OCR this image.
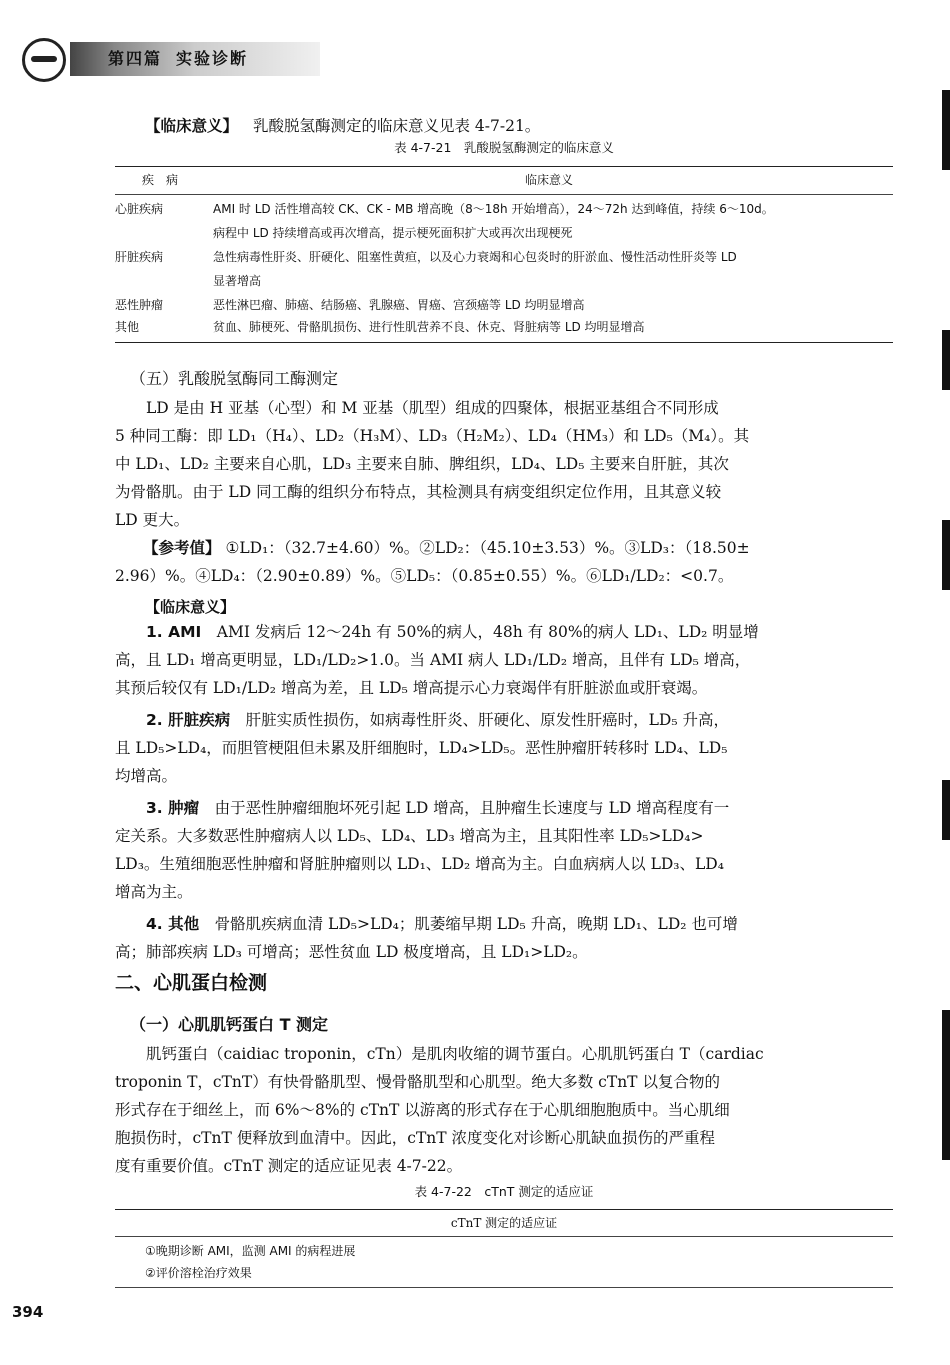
第四篇 实验诊断
【临床意义】 乳酸脱氢酶测定的临床意义见表 4-7-21。
表 4-7-21　乳酸脱氢酶测定的临床意义
疾　病	临床意义
心脏疾病	AMI 时 LD 活性增高较 CK、CK - MB 增高晚（8～18h 开始增高），24～72h 达到峰值，持续 6～10d。
病程中 LD 持续增高或再次增高，提示梗死面积扩大或再次出现梗死

肝脏疾病	急性病毒性肝炎、肝硬化、阻塞性黄疸，以及心力衰竭和心包炎时的肝淤血、慢性活动性肝炎等 LD
显著增高

恶性肿瘤	恶性淋巴瘤、肺癌、结肠癌、乳腺癌、胃癌、宫颈癌等 LD 均明显增高

其他	贫血、肺梗死、骨骼肌损伤、进行性肌营养不良、休克、肾脏病等 LD 均明显增高
（五）乳酸脱氢酶同工酶测定
LD 是由 H 亚基（心型）和 M 亚基（肌型）组成的四聚体，根据亚基组合不同形成
5 种同工酶：即 LD₁（H₄）、LD₂（H₃M）、LD₃（H₂M₂）、LD₄（HM₃）和 LD₅（M₄）。其
中 LD₁、LD₂ 主要来自心肌，LD₃ 主要来自肺、脾组织，LD₄、LD₅ 主要来自肝脏，其次
为骨骼肌。由于 LD 同工酶的组织分布特点，其检测具有病变组织定位作用，且其意义较
LD 更大。
【参考值】 ①LD₁：（32.7±4.60）%。②LD₂：（45.10±3.53）%。③LD₃：（18.50±
2.96）%。④LD₄：（2.90±0.89）%。⑤LD₅：（0.85±0.55）%。⑥LD₁/LD₂：<0.7。
【临床意义】
1. AMI　 AMI 发病后 12～24h 有 50%的病人，48h 有 80%的病人 LD₁、LD₂ 明显增
高，且 LD₁ 增高更明显，LD₁/LD₂>1.0。当 AMI 病人 LD₁/LD₂ 增高，且伴有 LD₅ 增高，
其预后较仅有 LD₁/LD₂ 增高为差，且 LD₅ 增高提示心力衰竭伴有肝脏淤血或肝衰竭。
2. 肝脏疾病　 肝脏实质性损伤，如病毒性肝炎、肝硬化、原发性肝癌时，LD₅ 升高，
且 LD₅>LD₄，而胆管梗阻但未累及肝细胞时，LD₄>LD₅。恶性肿瘤肝转移时 LD₄、LD₅
均增高。
3. 肿瘤　 由于恶性肿瘤细胞坏死引起 LD 增高，且肿瘤生长速度与 LD 增高程度有一
定关系。大多数恶性肿瘤病人以 LD₅、LD₄、LD₃ 增高为主，且其阳性率 LD₅>LD₄>
LD₃。生殖细胞恶性肿瘤和肾脏肿瘤则以 LD₁、LD₂ 增高为主。白血病病人以 LD₃、LD₄
增高为主。
4. 其他　 骨骼肌疾病血清 LD₅>LD₄；肌萎缩早期 LD₅ 升高，晚期 LD₁、LD₂ 也可增
高；肺部疾病 LD₃ 可增高；恶性贫血 LD 极度增高，且 LD₁>LD₂。
二、心肌蛋白检测
（一）心肌肌钙蛋白 T 测定
肌钙蛋白（caidiac troponin，cTn）是肌肉收缩的调节蛋白。心肌肌钙蛋白 T（cardiac
troponin T，cTnT）有快骨骼肌型、慢骨骼肌型和心肌型。绝大多数 cTnT 以复合物的
形式存在于细丝上，而 6%～8%的 cTnT 以游离的形式存在于心肌细胞胞质中。当心肌细
胞损伤时，cTnT 便释放到血清中。因此，cTnT 浓度变化对诊断心肌缺血损伤的严重程
度有重要价值。cTnT 测定的适应证见表 4-7-22。
表 4-7-22　cTnT 测定的适应证
cTnT 测定的适应证
①晚期诊断 AMI，监测 AMI 的病程进展
②评价溶栓治疗效果
394
